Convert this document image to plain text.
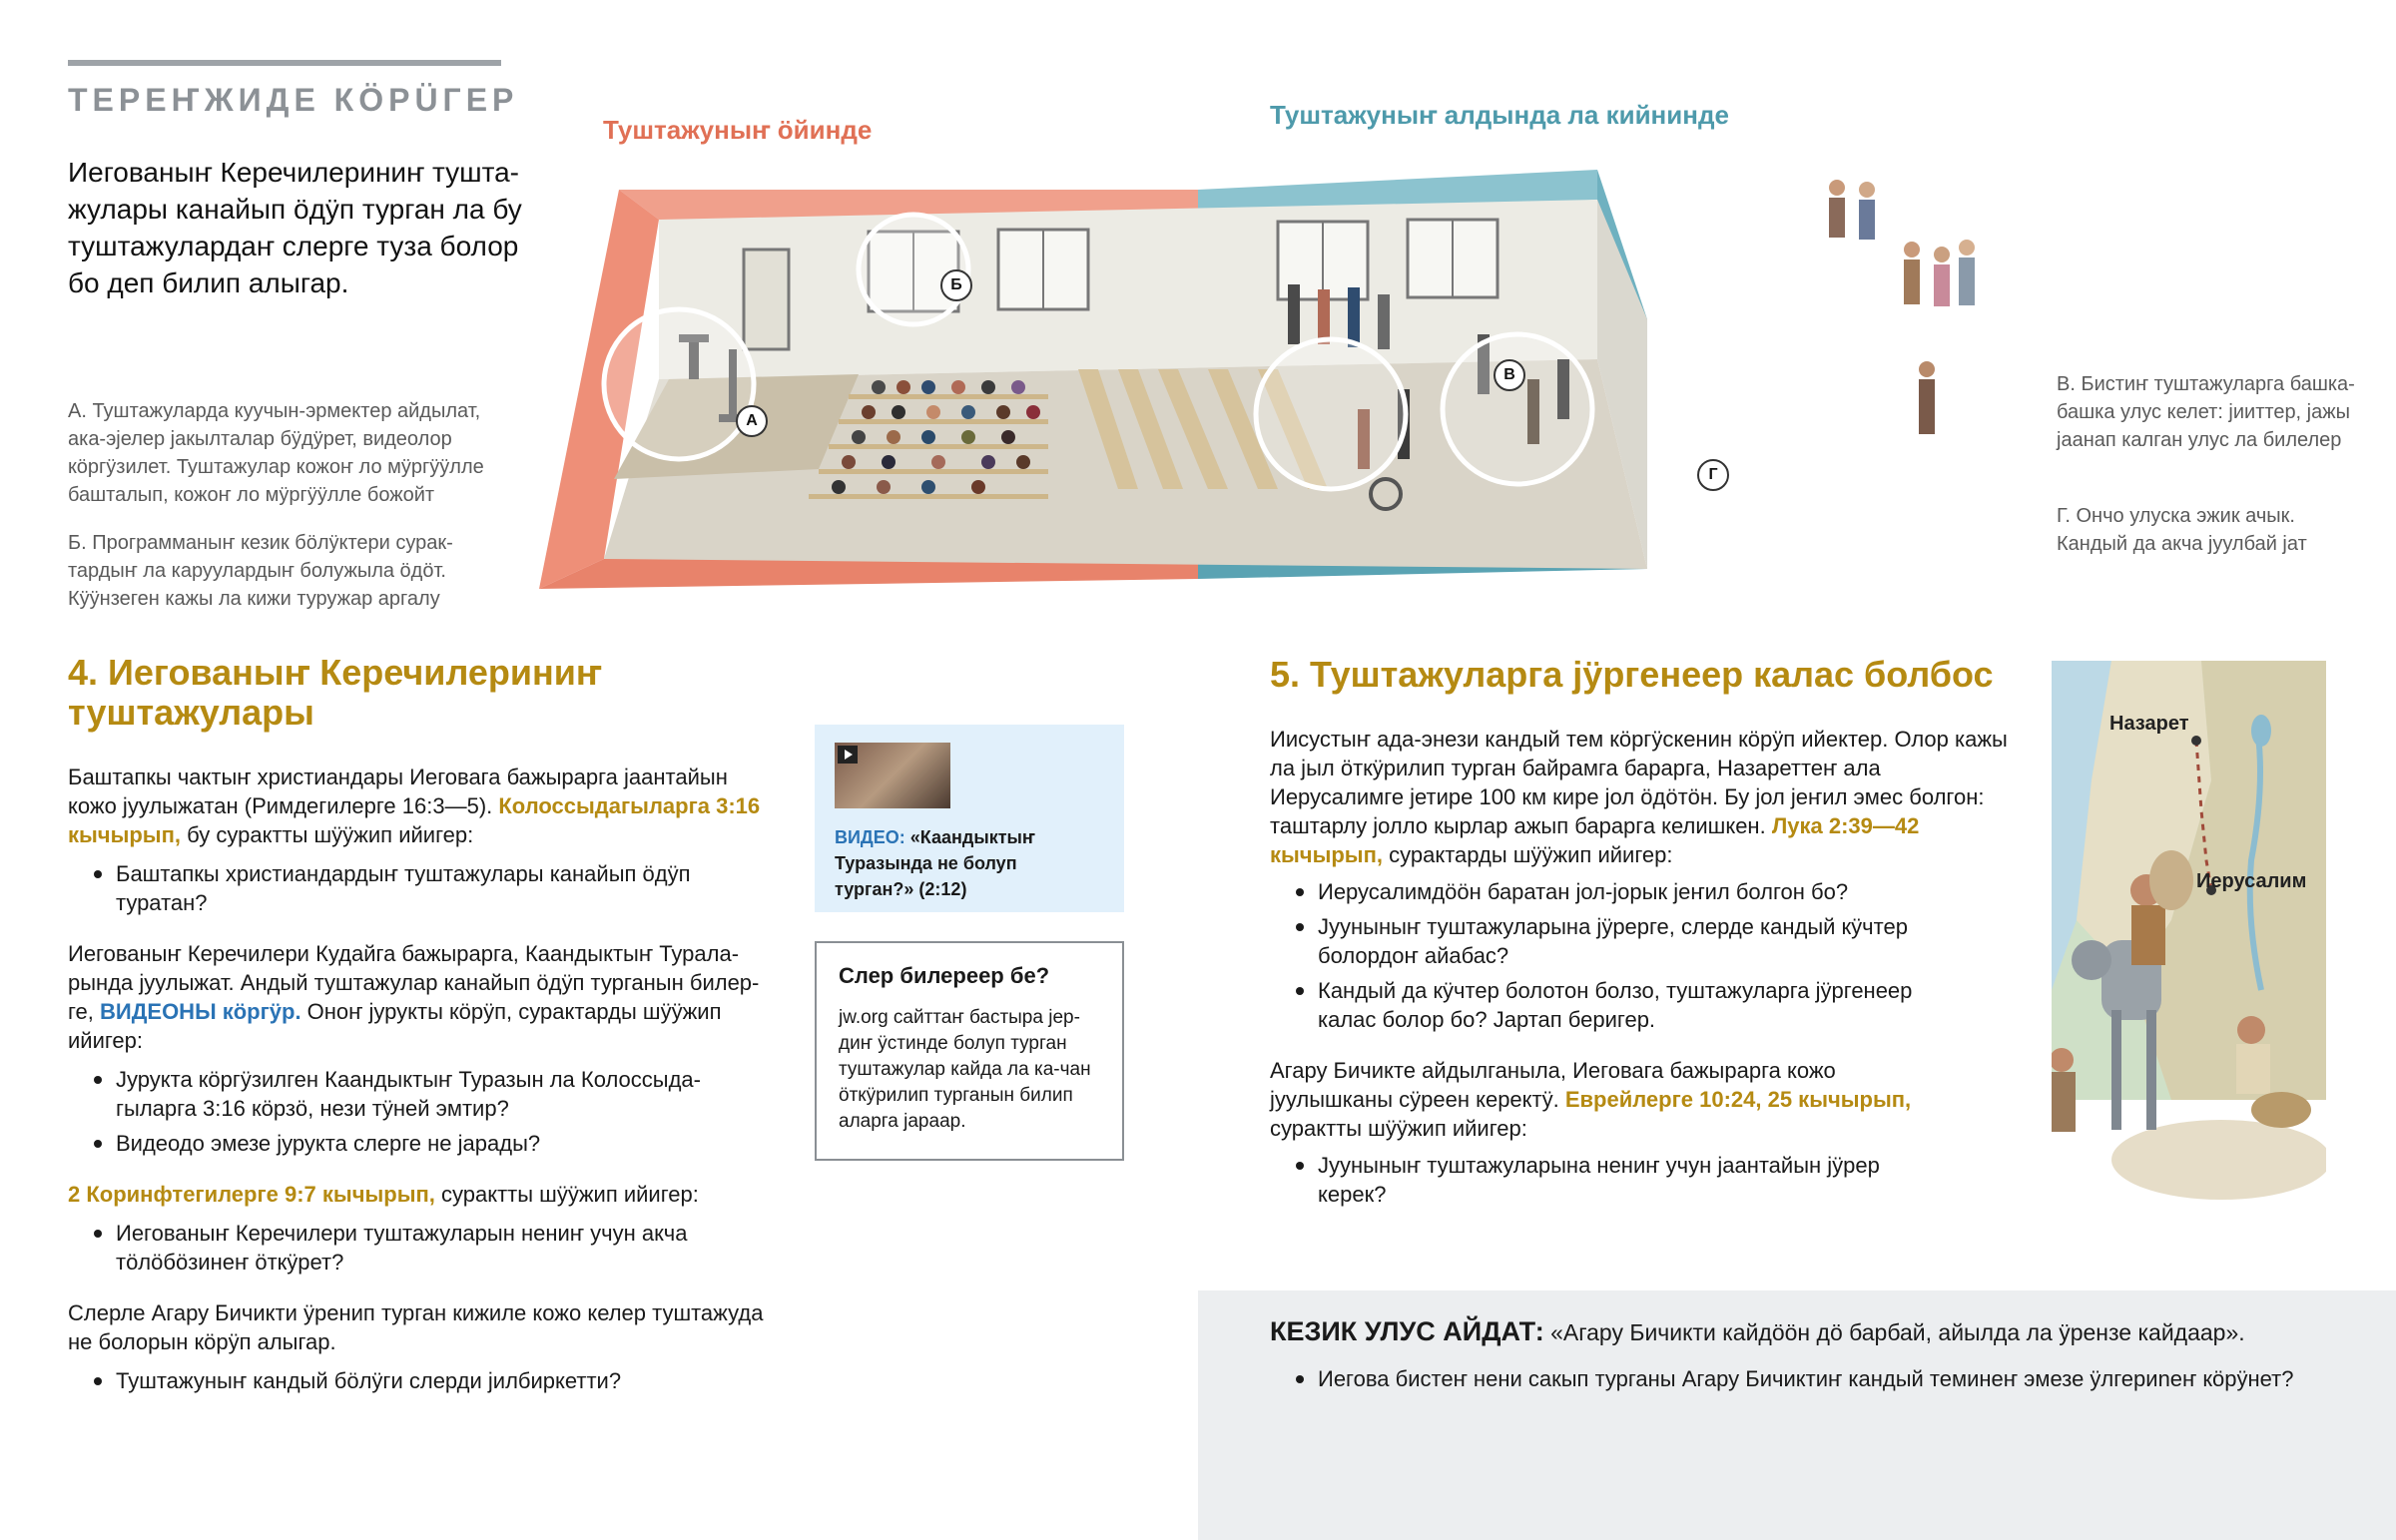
ТЕРЕҤЖИДЕ КӦРÜГЕР
Иегованыҥ Керечилериниҥ тушта-жулары канайып ӧдӱп турган ла бу туштажулардаҥ слерге туза болор бо деп билип алыгар.
Туштажуныҥ ӧйинде	Туштажуныҥ алдында ла кийнинде
А
Б
В
Г
А. Туштажуларда куучын-эрмектер айдылат, ака-эјелер јакылталар бӱдӱрет, видеолор кӧргӱзилет. Туштажулар кожоҥ ло мӱргӱӱлле башталып, кожоҥ ло мӱргӱӱлле божойт
Б. Программаныҥ кезик бӧлӱктери сурак-тардыҥ ла каруулардыҥ болужыла ӧдӧт. Кӱӱнзеген кажы ла кижи туружар аргалу
В. Бистиҥ туштажуларга башка-башка улус келет: јииттер, јажы јаанап калган улус ла билелер
Г. Ончо улуска эжик ачык. Кандый да акча јуулбай јат
4. Иегованыҥ Керечилериниҥ туштажулары

Баштапкы чактыҥ христиандары Иеговага бажырарга јаантайын кожо јуулыжатан (Римдегилерге 16:3—5). Колоссыдагыларга 3:16 кычырып, бу сурактты шӱӱжип ийигер:

Баштапкы христиандардыҥ туштажулары канайып ӧдӱп туратан?

Иегованыҥ Керечилери Кудайга бажырарга, Каандыктыҥ Турала-рында јуулыжат. Андый туштажулар канайып ӧдӱп турганын билер-ге, ВИДЕОНЫ кӧргӱр. Оноҥ јурукты кӧрӱп, сурактарды шӱӱжип ийигер:

Јурукта кӧргӱзилген Каандыктыҥ Туразын ла Колоссыда-гыларга 3:16 кӧрзӧ, нези тӱней эмтир?
Видеодо эмезе јурукта слерге не јарады?

2 Коринфтегилерге 9:7 кычырып, сурактты шӱӱжип ийигер:

Иегованыҥ Керечилери туштажуларын нениҥ учун акча тӧлӧбӧзинеҥ ӧткӱрет?

Слерле Агару Бичикти ӱренип турган кижиле кожо келер туштажуда не болорын кӧрӱп алыгар.

Туштажуныҥ кандый бӧлӱги слерди јилбиркетти?
ВИДЕО: «Каандыктыҥ Туразында не болуп турган?» (2:12)
Слер билереер бе?
jw.org сайттаҥ бастыра јер-диҥ ӱстинде болуп турган туштажулар кайда ла ка-чан ӧткӱрилип турганын билип аларга јараар.
5. Туштажуларга јӱргенеер калас болбос

Иисустыҥ ада-энези кандый тем кӧргӱскенин кӧрӱп ийектер. Олор кажы ла јыл ӧткӱрилип турган байрамга барарга, Назареттеҥ ала Иерусалимге јетире 100 км кире јол ӧдӧтӧн. Бу јол јеҥил эмес болгон: таштарлу јолло кырлар ажып барарга келишкен. Лука 2:39—42 кычырып, сурактарды шӱӱжип ийигер:

Иерусалимдӧӧн баратан јол-јорык јеҥил болгон бо?
Јууныныҥ туштажуларына јӱрерге, слерде кандый кӱчтер болордоҥ айабас?
Кандый да кӱчтер болотон болзо, туштажуларга јӱргенеер калас болор бо? Јартап беригер.

Агару Бичикте айдылганыла, Иеговага бажырарга кожо јуулышканы сӱреен керектӱ. Еврейлерге 10:24, 25 кычырып, сурактты шӱӱжип ийигер:

Јууныныҥ туштажуларына нениҥ учун јаантайын јӱрер керек?
Назарет
Иерусалим
КЕЗИК УЛУС АЙДАТ: «Агару Бичикти кайдӧӧн дӧ барбай, айылда ла ӱрензе кайдаар».
Иегова бистеҥ нени сакып турганы Агару Бичиктиҥ кандый теминеҥ эмезе ӱлгериneҥ кӧрӱнет?
